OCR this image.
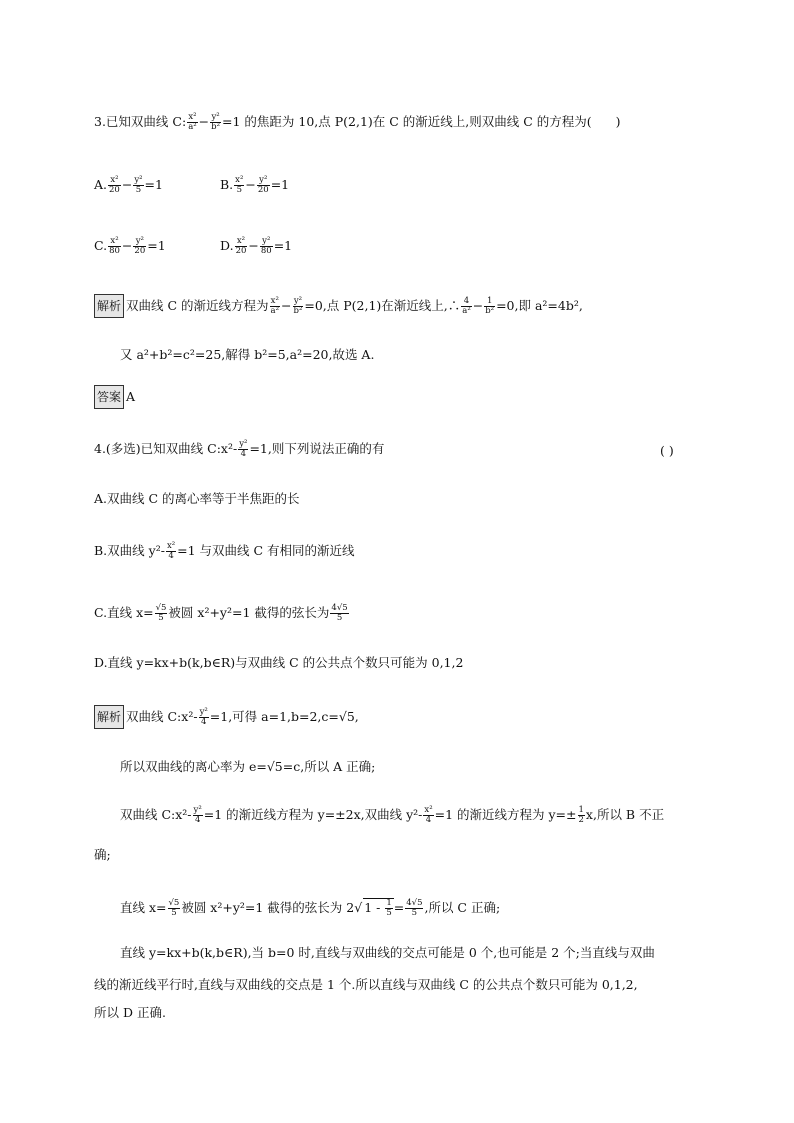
3.已知双曲线 C: $\frac{\text{x²}}{\text{a²}} - \frac{\text{y²}}{\text{b²}} =1$ 的焦距为 10,点 P(2,1)在 C 的渐近线上,则双曲线 C 的方程为( )
A. $\frac{\text{x²}}{20} - \frac{\text{y²}}{5} =1$	B. $\frac{\text{x²}}{5} - \frac{\text{y²}}{20} =1$
C. $\frac{\text{x²}}{80} - \frac{\text{y²}}{20} =1$	D. $\frac{\text{x²}}{20} - \frac{\text{y²}}{80} =1$
解析 双曲线 C 的渐近线方程为 $\frac{\text{x²}}{\text{a²}} - \frac{\text{y²}}{\text{b²}} =0$,点 P(2,1)在渐近线上,∴ $\frac{4}{\text{a²}} - \frac{1}{\text{b²}} =0$,即 a²=4b²,
又 a²+b²=c²=25,解得 b²=5,a²=20,故选 A.
答案 A
4.(多选)已知双曲线 C:x²- $\frac{\text{y²}}{4} =1$,则下列说法正确的有	( )
A.双曲线 C 的离心率等于半焦距的长
B.双曲线 $y^2- \frac{\text{x²}}{4} =1$ 与双曲线 C 有相同的渐近线
C.直线 $x= \frac{√5}{5}$ 被圆 x²+y²=1 截得的弦长为 $\frac{4√5}{5}$
D.直线 y=kx+b(k,b∈R)与双曲线 C 的公共点个数只可能为 0,1,2
解析 双曲线 C:x²- $\frac{\text{y²}}{4} =1$,可得 a=1,b=2,c=√5,
所以双曲线的离心率为 e=√5=c,所以 A 正确;
双曲线 C:x²- $\frac{\text{y²}}{4} =1$ 的渐近线方程为 y=±2x,双曲线 $y^2- \frac{\text{x²}}{4} =1$ 的渐近线方程为 $y=\pm \frac{1}{2} x$,所以 B 不正
确;
直线 $x= \frac{√5}{5}$ 被圆 x²+y²=1 截得的弦长为 2√ $1 - \frac{1}{5} = \frac{4√5}{5}$ ,所以 C 正确;
直线 y=kx+b(k,b∈R),当 b=0 时,直线与双曲线的交点可能是 0 个,也可能是 2 个;当直线与双曲
线的渐近线平行时,直线与双曲线的交点是 1 个.所以直线与双曲线 C 的公共点个数只可能为 0,1,2,
所以 D 正确.
